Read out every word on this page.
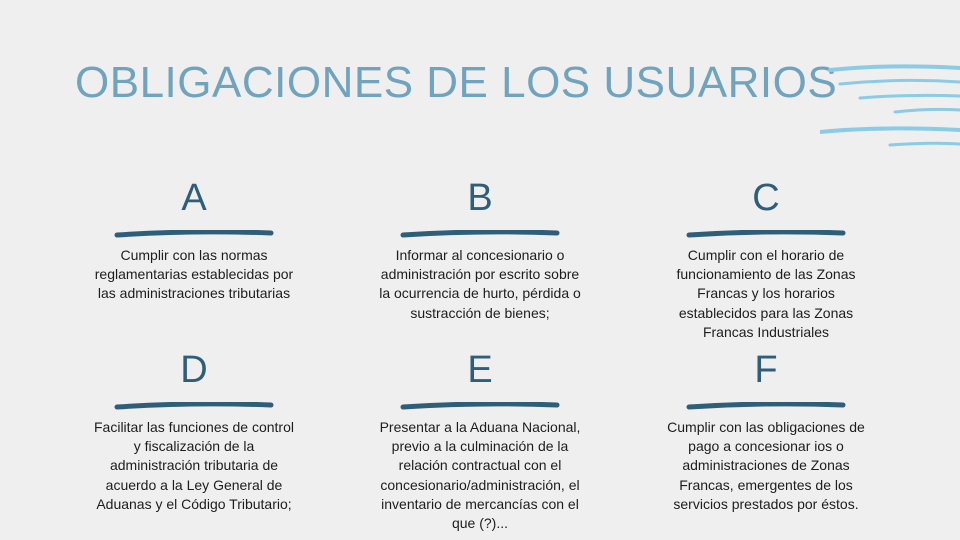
OBLIGACIONES DE LOS USUARIOS
A
Cumplir con las normas reglamentarias establecidas por las administraciones tributarias
B
Informar al concesionario o administración por escrito sobre la ocurrencia de hurto, pérdida o sustracción de bienes;
C
Cumplir con el horario de funcionamiento de las Zonas Francas y los horarios establecidos para las Zonas Francas Industriales
D
Facilitar las funciones de control y fiscalización de la administración tributaria de acuerdo a la Ley General de Aduanas y el Código Tributario;
E
Presentar a la Aduana Nacional, previo a la culminación de la relación contractual con el concesionario/administración, el inventario de mercancías con el que (?)...
F
Cumplir con las obligaciones de pago a concesionar ios o administraciones de Zonas Francas, emergentes de los servicios prestados por éstos.
